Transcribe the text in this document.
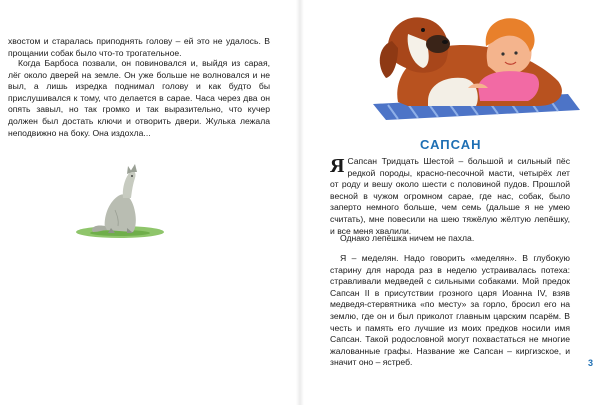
хвостом и старалась приподнять голову – ей это не удалось. В прощании собак было что-то трогательное.

Когда Барбоса позвали, он повиновался и, выйдя из сарая, лёг около дверей на земле. Он уже больше не волновался и не выл, а лишь изредка поднимал голову и как будто бы прислушивался к тому, что делается в сарае. Часа через два он опять завыл, но так громко и так выразительно, что кучер должен был достать ключи и отворить двери. Жулька лежала неподвижно на боку. Она издохла...

САПСАН
Я Сапсан Тридцать Шестой – большой и сильный пёс редкой породы, красно-песочной масти, четырёх лет от роду и вешу около шести с половиной пудов. Прошлой весной в чужом огромном сарае, где нас, собак, было заперто немного больше, чем семь (дальше я не умею считать), мне повесили на шею тяжёлую жёлтую лепёшку, и все меня хвалили.

Однако лепёшка ничем не пахла.

Я – меделян. Надо говорить «меделян». В глубокую старину для народа раз в неделю устраивалась потеха: стравливали медведей с сильными собаками. Мой предок Сапсан II в присутствии грозного царя Иоанна IV, взяв медведя-стервятника «по месту» за горло, бросил его на землю, где он и был приколот главным царским псарём. В честь и память его лучшие из моих предков носили имя Сапсан. Такой родословной могут похвастаться не многие жалованные графы. Название же Сапсан – киргизское, и значит оно – ястреб.	3
